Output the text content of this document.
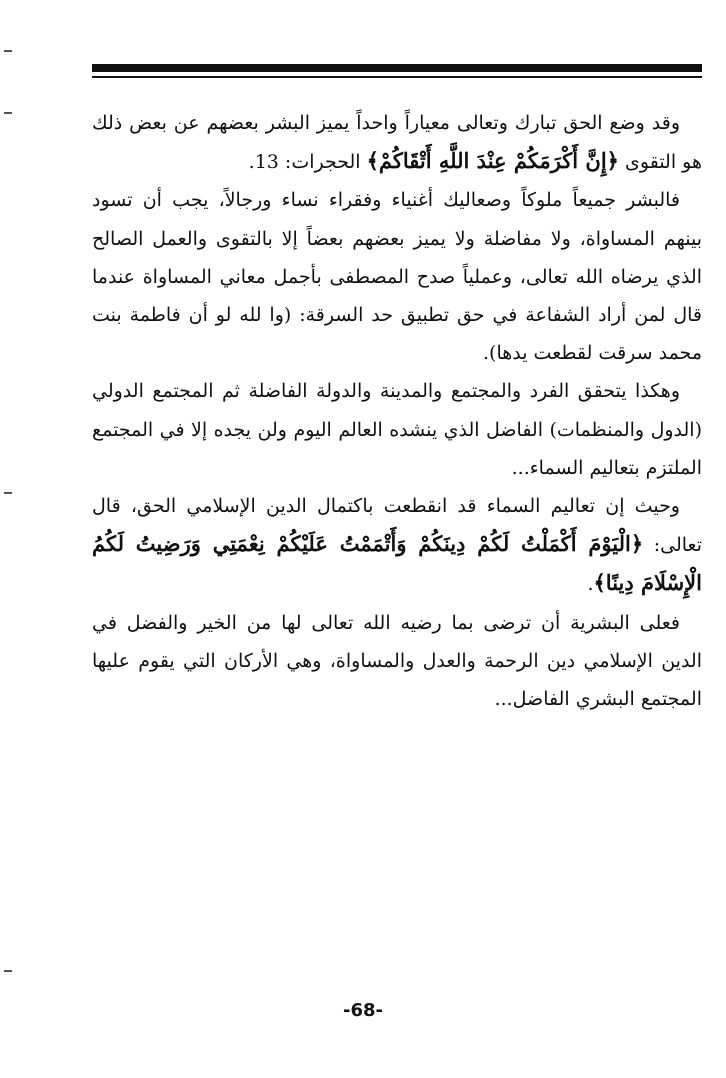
وقد وضع الحق تبارك وتعالى معياراً واحداً يميز البشر بعضهم عن بعض ذلك هو التقوى ﴿إِنَّ أَكْرَمَكُمْ عِنْدَ اللَّهِ أَتْقَاكُمْ﴾ الحجرات: 13.

فالبشر جميعاً ملوكاً وصعاليك أغنياء وفقراء نساء ورجالاً، يجب أن تسود بينهم المساواة، ولا مفاضلة ولا يميز بعضهم بعضاً إلا بالتقوى والعمل الصالح الذي يرضاه الله تعالى، وعملياً صدح المصطفى بأجمل معاني المساواة عندما قال لمن أراد الشفاعة في حق تطبيق حد السرقة: (وا لله لو أن فاطمة بنت محمد سرقت لقطعت يدها).

وهكذا يتحقق الفرد والمجتمع والمدينة والدولة الفاضلة ثم المجتمع الدولي (الدول والمنظمات) الفاضل الذي ينشده العالم اليوم ولن يجده إلا في المجتمع الملتزم بتعاليم السماء...

وحيث إن تعاليم السماء قد انقطعت باكتمال الدين الإسلامي الحق، قال تعالى: ﴿الْيَوْمَ أَكْمَلْتُ لَكُمْ دِينَكُمْ وَأَتْمَمْتُ عَلَيْكُمْ نِعْمَتِي وَرَضِيتُ لَكُمُ الْإِسْلَامَ دِينًا﴾.

فعلى البشرية أن ترضى بما رضيه الله تعالى لها من الخير والفضل في الدين الإسلامي دين الرحمة والعدل والمساواة، وهي الأركان التي يقوم عليها المجتمع البشري الفاضل...

-68-
